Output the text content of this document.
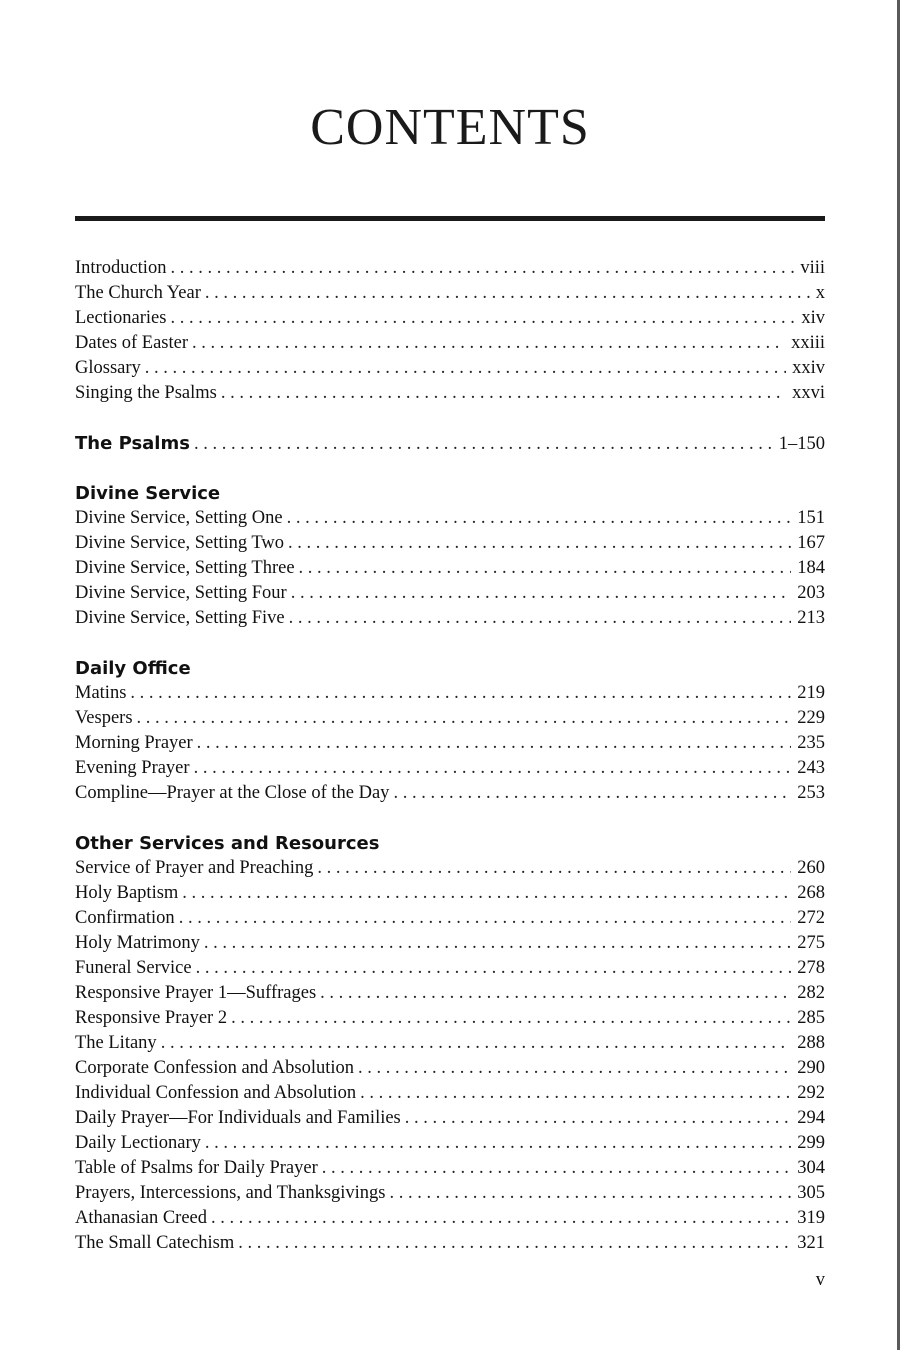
CONTENTS
Introduction . . .	viii
The Church Year . . .	x
Lectionaries . . .	xiv
Dates of Easter . . .	xxiii
Glossary . . .	xxiv
Singing the Psalms . . .	xxvi
The Psalms . . .	1–150
Divine Service
Divine Service, Setting One . . .	151
Divine Service, Setting Two . . .	167
Divine Service, Setting Three . . .	184
Divine Service, Setting Four . . .	203
Divine Service, Setting Five . . .	213
Daily Office
Matins . . .	219
Vespers . . .	229
Morning Prayer . . .	235
Evening Prayer . . .	243
Compline—Prayer at the Close of the Day . . .	253
Other Services and Resources
Service of Prayer and Preaching . . .	260
Holy Baptism . . .	268
Confirmation . . .	272
Holy Matrimony . . .	275
Funeral Service . . .	278
Responsive Prayer 1—Suffrages . . .	282
Responsive Prayer 2 . . .	285
The Litany . . .	288
Corporate Confession and Absolution . . .	290
Individual Confession and Absolution . . .	292
Daily Prayer—For Individuals and Families . . .	294
Daily Lectionary . . .	299
Table of Psalms for Daily Prayer . . .	304
Prayers, Intercessions, and Thanksgivings . . .	305
Athanasian Creed . . .	319
The Small Catechism . . .	321
v
